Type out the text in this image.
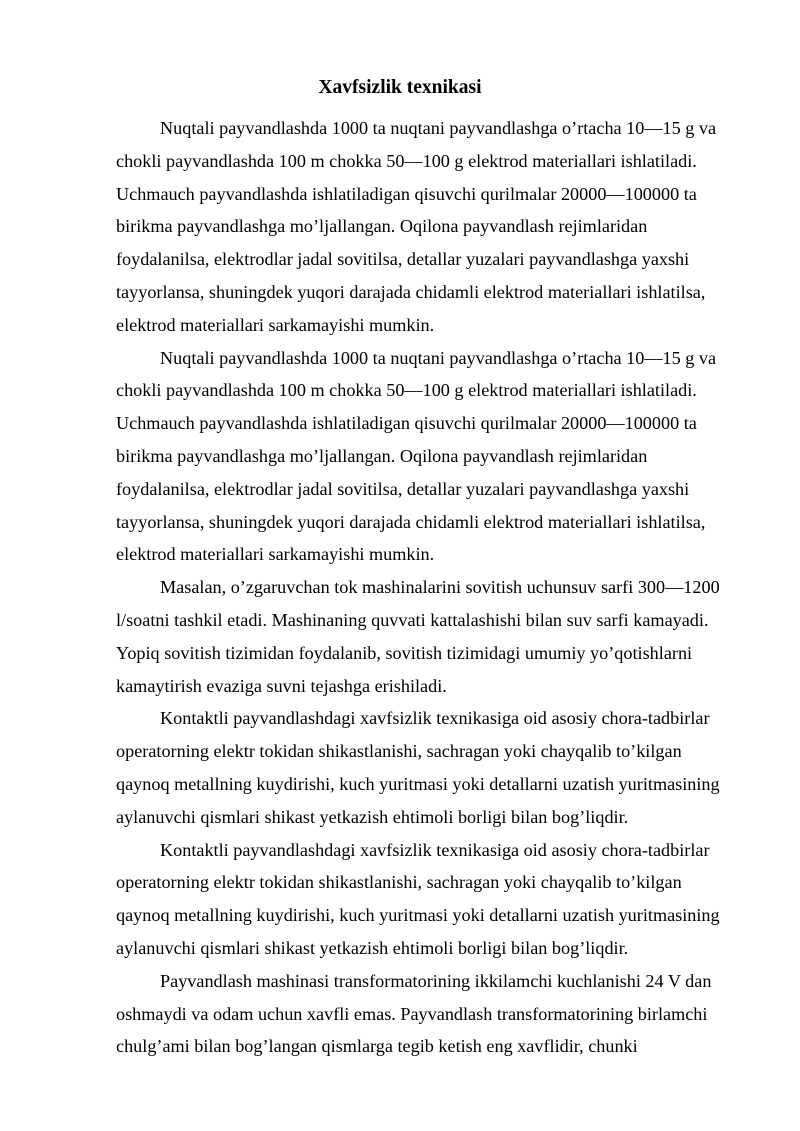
Xavfsizlik texnikasi

Nuqtali payvandlashda 1000 ta nuqtani payvandlashga o’rtacha 10—15 g va
chokli payvandlashda 100 m chokka 50—100 g elektrod materiallari ishlatiladi.
Uchmauch payvandlashda ishlatiladigan qisuvchi qurilmalar 20000—100000 ta
birikma payvandlashga mo’ljallangan. Oqilona payvandlash rejimlaridan
foydalanilsa, elektrodlar jadal sovitilsa, detallar yuzalari payvandlashga yaxshi
tayyorlansa, shuningdek yuqori darajada chidamli elektrod materiallari ishlatilsa,
elektrod materiallari sarkamayishi mumkin.

Nuqtali payvandlashda 1000 ta nuqtani payvandlashga o’rtacha 10—15 g va
chokli payvandlashda 100 m chokka 50—100 g elektrod materiallari ishlatiladi.
Uchmauch payvandlashda ishlatiladigan qisuvchi qurilmalar 20000—100000 ta
birikma payvandlashga mo’ljallangan. Oqilona payvandlash rejimlaridan
foydalanilsa, elektrodlar jadal sovitilsa, detallar yuzalari payvandlashga yaxshi
tayyorlansa, shuningdek yuqori darajada chidamli elektrod materiallari ishlatilsa,
elektrod materiallari sarkamayishi mumkin.

Masalan, o’zgaruvchan tok mashinalarini sovitish uchunsuv sarfi 300—1200
l/soatni tashkil etadi. Mashinaning quvvati kattalashishi bilan suv sarfi kamayadi.
Yopiq sovitish tizimidan foydalanib, sovitish tizimidagi umumiy yo’qotishlarni
kamaytirish evaziga suvni tejashga erishiladi.

Kontaktli payvandlashdagi xavfsizlik texnikasiga oid asosiy chora-tadbirlar
operatorning elektr tokidan shikastlanishi, sachragan yoki chayqalib to’kilgan
qaynoq metallning kuydirishi, kuch yuritmasi yoki detallarni uzatish yuritmasining
aylanuvchi qismlari shikast yetkazish ehtimoli borligi bilan bog’liqdir.

Kontaktli payvandlashdagi xavfsizlik texnikasiga oid asosiy chora-tadbirlar
operatorning elektr tokidan shikastlanishi, sachragan yoki chayqalib to’kilgan
qaynoq metallning kuydirishi, kuch yuritmasi yoki detallarni uzatish yuritmasining
aylanuvchi qismlari shikast yetkazish ehtimoli borligi bilan bog’liqdir.

Payvandlash mashinasi transformatorining ikkilamchi kuchlanishi 24 V dan
oshmaydi va odam uchun xavfli emas. Payvandlash transformatorining birlamchi
chulg’ami bilan bog’langan qismlarga tegib ketish eng xavflidir, chunki
